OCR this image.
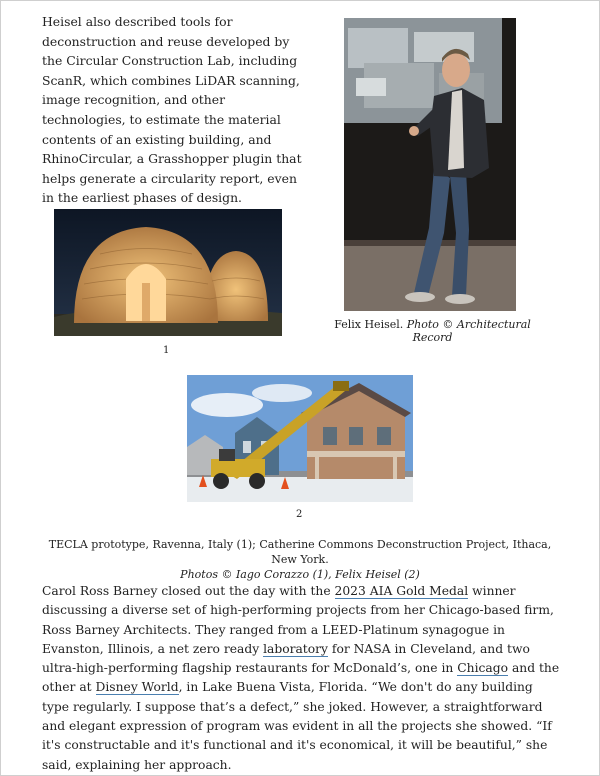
Heisel also described tools for deconstruction and reuse developed by the Circular Construction Lab, including ScanR, which combines LiDAR scanning, image recognition, and other technologies, to estimate the material contents of an existing building, and RhinoCircular, a Grasshopper plugin that helps generate a circularity report, even in the earliest phases of design.
Felix Heisel. Photo © Architectural Record
1
2
TECLA prototype, Ravenna, Italy (1); Catherine Commons Deconstruction Project, Ithaca, New York.
Photos © Iago Corazzo (1), Felix Heisel (2)
Carol Ross Barney closed out the day with the 2023 AIA Gold Medal winner discussing a diverse set of high-performing projects from her Chicago-based firm, Ross Barney Architects. They ranged from a LEED-Platinum synagogue in Evanston, Illinois, a net zero ready laboratory for NASA in Cleveland, and two ultra-high-performing flagship restaurants for McDonald’s, one in Chicago and the other at Disney World, in Lake Buena Vista, Florida. “We don't do any building type regularly. I suppose that’s a defect,” she joked. However, a straightforward and elegant expression of program was evident in all the projects she showed. “If it's constructable and it's functional and it's economical, it will be beautiful,” she said, explaining her approach.
